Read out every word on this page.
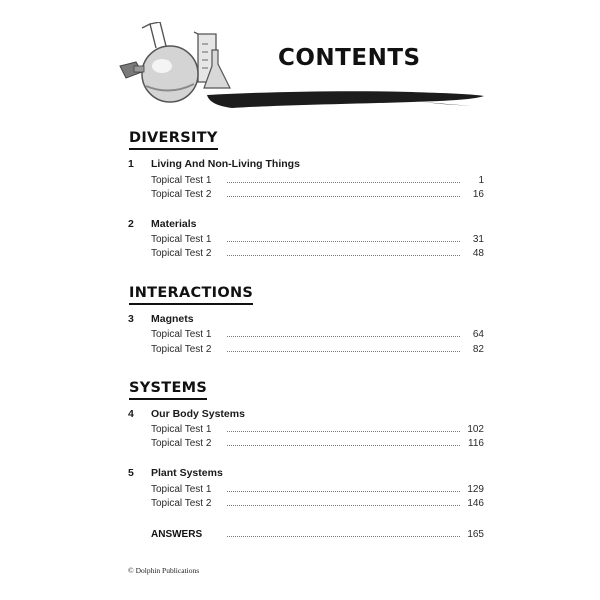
CONTENTS
DIVERSITY
1 Living And Non-Living Things
Topical Test 1	1
Topical Test 2	16
2 Materials
Topical Test 1	31
Topical Test 2	48
INTERACTIONS
3 Magnets
Topical Test 1	64
Topical Test 2	82
SYSTEMS
4 Our Body Systems
Topical Test 1	102
Topical Test 2	116
5 Plant Systems
Topical Test 1	129
Topical Test 2	146
ANSWERS	165
© Dolphin Publications
